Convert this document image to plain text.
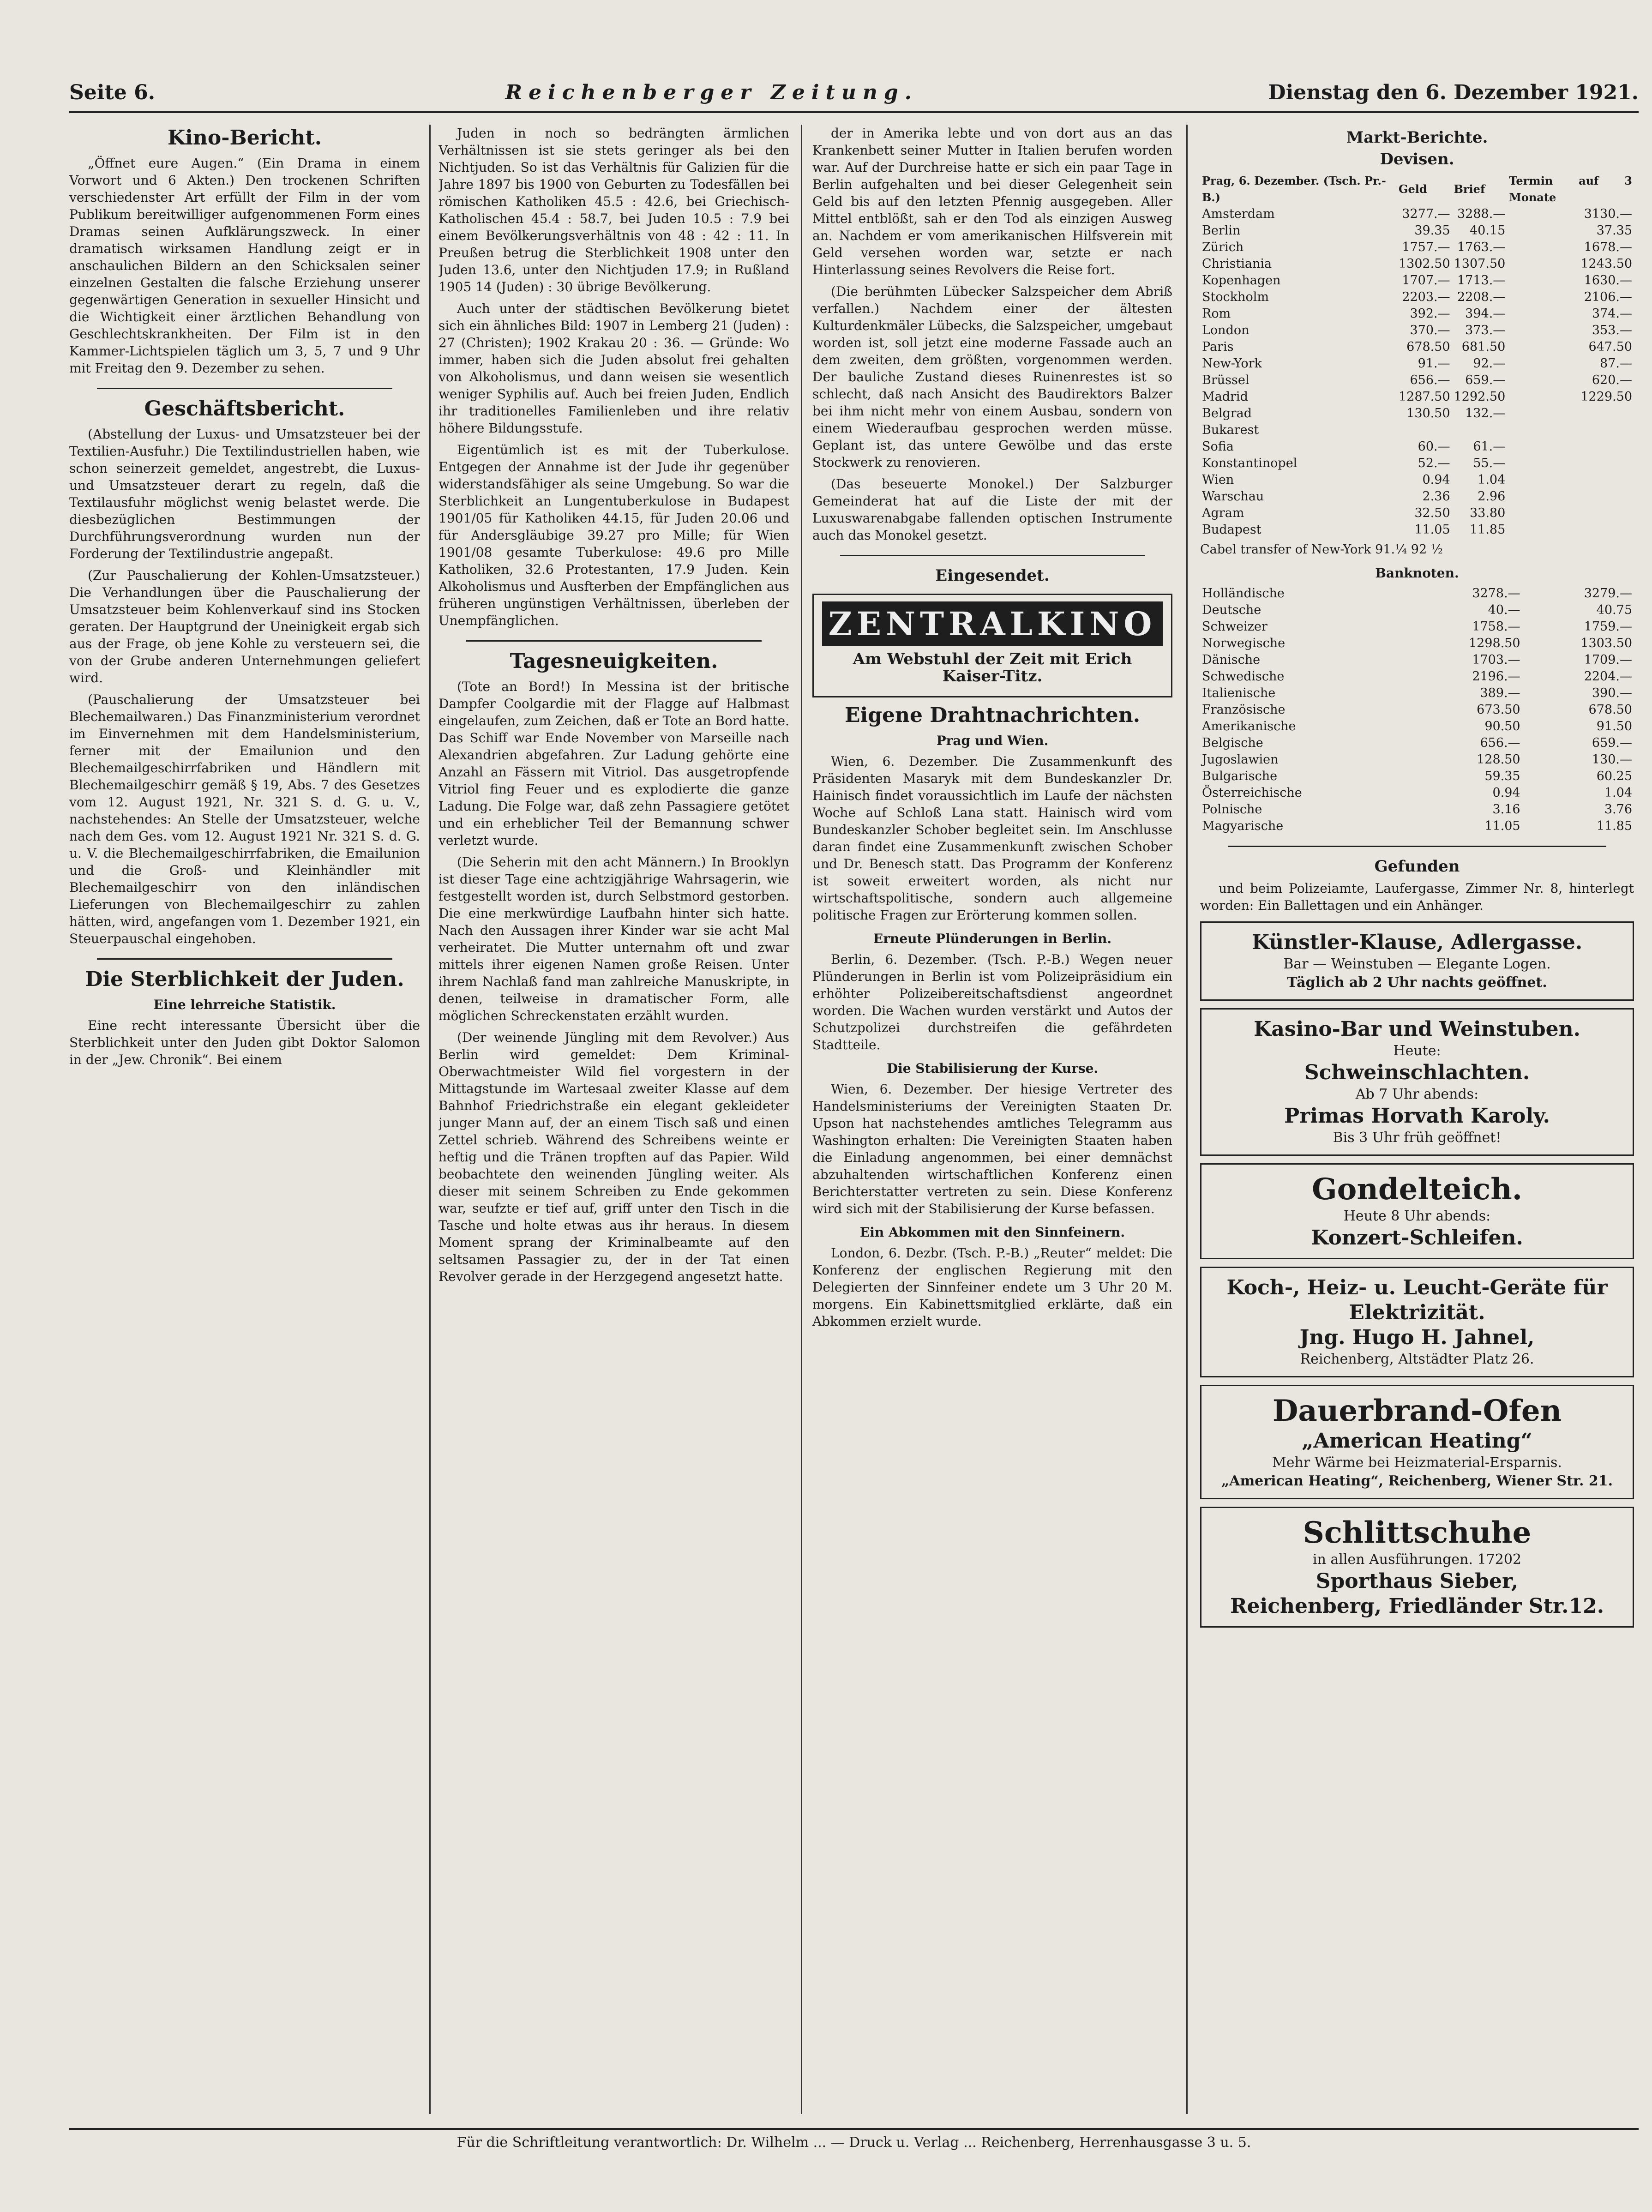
Seite 6.	Reichenberger Zeitung.	Dienstag den 6. Dezember 1921.
Kino-Bericht.

„Öffnet eure Augen.“ (Ein Drama in einem Vorwort und 6 Akten.) Den trockenen Schriften verschiedenster Art erfüllt der Film in der vom Publikum bereitwilliger aufgenommenen Form eines Dramas seinen Aufklärungszweck. In einer dramatisch wirksamen Handlung zeigt er in anschaulichen Bildern an den Schicksalen seiner einzelnen Gestalten die falsche Erziehung unserer gegenwärtigen Generation in sexueller Hinsicht und die Wichtigkeit einer ärztlichen Behandlung von Geschlechtskrankheiten. Der Film ist in den Kammer-Lichtspielen täglich um 3, 5, 7 und 9 Uhr mit Freitag den 9. Dezember zu sehen.

Geschäftsbericht.

(Abstellung der Luxus- und Umsatzsteuer bei der Textilien-Ausfuhr.) Die Textilindustriellen haben, wie schon seinerzeit gemeldet, angestrebt, die Luxus- und Umsatzsteuer derart zu regeln, daß die Textilausfuhr möglichst wenig belastet werde. Die diesbezüglichen Bestimmungen der Durchführungsverordnung wurden nun der Forderung der Textilindustrie angepaßt.

(Zur Pauschalierung der Kohlen-Umsatzsteuer.) Die Verhandlungen über die Pauschalierung der Umsatzsteuer beim Kohlenverkauf sind ins Stocken geraten. Der Hauptgrund der Uneinigkeit ergab sich aus der Frage, ob jene Kohle zu versteuern sei, die von der Grube anderen Unternehmungen geliefert wird.

(Pauschalierung der Umsatzsteuer bei Blechemailwaren.) Das Finanzministerium verordnet im Einvernehmen mit dem Handelsministerium, ferner mit der Emailunion und den Blechemailgeschirrfabriken und Händlern mit Blechemailgeschirr gemäß § 19, Abs. 7 des Gesetzes vom 12. August 1921, Nr. 321 S. d. G. u. V., nachstehendes: An Stelle der Umsatzsteuer, welche nach dem Ges. vom 12. August 1921 Nr. 321 S. d. G. u. V. die Blechemailgeschirrfabriken, die Emailunion und die Groß- und Kleinhändler mit Blechemailgeschirr von den inländischen Lieferungen von Blechemailgeschirr zu zahlen hätten, wird, angefangen vom 1. Dezember 1921, ein Steuerpauschal eingehoben.

Die Sterblichkeit der Juden.
Eine lehrreiche Statistik.

Eine recht interessante Übersicht über die Sterblichkeit unter den Juden gibt Doktor Salomon in der „Jew. Chronik“. Bei einem

Juden in noch so bedrängten ärmlichen Verhältnissen ist sie stets geringer als bei den Nichtjuden. So ist das Verhältnis für Galizien für die Jahre 1897 bis 1900 von Geburten zu Todesfällen bei römischen Katholiken 45.5 : 42.6, bei Griechisch-Katholischen 45.4 : 58.7, bei Juden 10.5 : 7.9 bei einem Bevölkerungsverhältnis von 48 : 42 : 11. In Preußen betrug die Sterblichkeit 1908 unter den Juden 13.6, unter den Nichtjuden 17.9; in Rußland 1905 14 (Juden) : 30 übrige Bevölkerung.

Auch unter der städtischen Bevölkerung bietet sich ein ähnliches Bild: 1907 in Lemberg 21 (Juden) : 27 (Christen); 1902 Krakau 20 : 36. — Gründe: Wo immer, haben sich die Juden absolut frei gehalten von Alkoholismus, und dann weisen sie wesentlich weniger Syphilis auf. Auch bei freien Juden, Endlich ihr traditionelles Familienleben und ihre relativ höhere Bildungsstufe.

Eigentümlich ist es mit der Tuberkulose. Entgegen der Annahme ist der Jude ihr gegenüber widerstandsfähiger als seine Umgebung. So war die Sterblichkeit an Lungentuberkulose in Budapest 1901/05 für Katholiken 44.15, für Juden 20.06 und für Andersgläubige 39.27 pro Mille; für Wien 1901/08 gesamte Tuberkulose: 49.6 pro Mille Katholiken, 32.6 Protestanten, 17.9 Juden. Kein Alkoholismus und Ausfterben der Empfänglichen aus früheren ungünstigen Verhältnissen, überleben der Unempfänglichen.

Tagesneuigkeiten.

(Tote an Bord!) In Messina ist der britische Dampfer Coolgardie mit der Flagge auf Halbmast eingelaufen, zum Zeichen, daß er Tote an Bord hatte. Das Schiff war Ende November von Marseille nach Alexandrien abgefahren. Zur Ladung gehörte eine Anzahl an Fässern mit Vitriol. Das ausgetropfende Vitriol fing Feuer und es explodierte die ganze Ladung. Die Folge war, daß zehn Passagiere getötet und ein erheblicher Teil der Bemannung schwer verletzt wurde.

(Die Seherin mit den acht Männern.) In Brooklyn ist dieser Tage eine achtzigjährige Wahrsagerin, wie festgestellt worden ist, durch Selbstmord gestorben. Die eine merkwürdige Laufbahn hinter sich hatte. Nach den Aussagen ihrer Kinder war sie acht Mal verheiratet. Die Mutter unternahm oft und zwar mittels ihrer eigenen Namen große Reisen. Unter ihrem Nachlaß fand man zahlreiche Manuskripte, in denen, teilweise in dramatischer Form, alle möglichen Schreckenstaten erzählt wurden.

(Der weinende Jüngling mit dem Revolver.) Aus Berlin wird gemeldet: Dem Kriminal-Oberwachtmeister Wild fiel vorgestern in der Mittagstunde im Wartesaal zweiter Klasse auf dem Bahnhof Friedrichstraße ein elegant gekleideter junger Mann auf, der an einem Tisch saß und einen Zettel schrieb. Während des Schreibens weinte er heftig und die Tränen tropften auf das Papier. Wild beobachtete den weinenden Jüngling weiter. Als dieser mit seinem Schreiben zu Ende gekommen war, seufzte er tief auf, griff unter den Tisch in die Tasche und holte etwas aus ihr heraus. In diesem Moment sprang der Kriminalbeamte auf den seltsamen Passagier zu, der in der Tat einen Revolver gerade in der Herzgegend angesetzt hatte.

der in Amerika lebte und von dort aus an das Krankenbett seiner Mutter in Italien berufen worden war. Auf der Durchreise hatte er sich ein paar Tage in Berlin aufgehalten und bei dieser Gelegenheit sein Geld bis auf den letzten Pfennig ausgegeben. Aller Mittel entblößt, sah er den Tod als einzigen Ausweg an. Nachdem er vom amerikanischen Hilfsverein mit Geld versehen worden war, setzte er nach Hinterlassung seines Revolvers die Reise fort.

(Die berühmten Lübecker Salzspeicher dem Abriß verfallen.) Nachdem einer der ältesten Kulturdenkmäler Lübecks, die Salzspeicher, umgebaut worden ist, soll jetzt eine moderne Fassade auch an dem zweiten, dem größten, vorgenommen werden. Der bauliche Zustand dieses Ruinenrestes ist so schlecht, daß nach Ansicht des Baudirektors Balzer bei ihm nicht mehr von einem Ausbau, sondern von einem Wiederaufbau gesprochen werden müsse. Geplant ist, das untere Gewölbe und das erste Stockwerk zu renovieren.

(Das beseuerte Monokel.) Der Salzburger Gemeinderat hat auf die Liste der mit der Luxuswarenabgabe fallenden optischen Instrumente auch das Monokel gesetzt.

Eingesendet.
ZENTRALKINO
Am Webstuhl der Zeit mit Erich Kaiser-Titz.
Eigene Drahtnachrichten.
Prag und Wien.

Wien, 6. Dezember. Die Zusammenkunft des Präsidenten Masaryk mit dem Bundeskanzler Dr. Hainisch findet voraussichtlich im Laufe der nächsten Woche auf Schloß Lana statt. Hainisch wird vom Bundeskanzler Schober begleitet sein. Im Anschlusse daran findet eine Zusammenkunft zwischen Schober und Dr. Benesch statt. Das Programm der Konferenz ist soweit erweitert worden, als nicht nur wirtschaftspolitische, sondern auch allgemeine politische Fragen zur Erörterung kommen sollen.

Erneute Plünderungen in Berlin.

Berlin, 6. Dezember. (Tsch. P.-B.) Wegen neuer Plünderungen in Berlin ist vom Polizeipräsidium ein erhöhter Polizeibereitschaftsdienst angeordnet worden. Die Wachen wurden verstärkt und Autos der Schutzpolizei durchstreifen die gefährdeten Stadtteile.

Die Stabilisierung der Kurse.

Wien, 6. Dezember. Der hiesige Vertreter des Handelsministeriums der Vereinigten Staaten Dr. Upson hat nachstehendes amtliches Telegramm aus Washington erhalten: Die Vereinigten Staaten haben die Einladung angenommen, bei einer demnächst abzuhaltenden wirtschaftlichen Konferenz einen Berichterstatter vertreten zu sein. Diese Konferenz wird sich mit der Stabilisierung der Kurse befassen.

Ein Abkommen mit den Sinnfeinern.

London, 6. Dezbr. (Tsch. P.-B.) „Reuter“ meldet: Die Konferenz der englischen Regierung mit den Delegierten der Sinnfeiner endete um 3 Uhr 20 M. morgens. Ein Kabinettsmitglied erklärte, daß ein Abkommen erzielt wurde.

Markt-Berichte.
Devisen.
Prag, 6. Dezember. (Tsch. Pr.-B.)	Geld	Brief	Termin auf 3 Monate
Amsterdam	3277.—	3288.—	3130.—
Berlin	39.35	40.15	37.35
Zürich	1757.—	1763.—	1678.—
Christiania	1302.50	1307.50	1243.50
Kopenhagen	1707.—	1713.—	1630.—
Stockholm	2203.—	2208.—	2106.—
Rom	392.—	394.—	374.—
London	370.—	373.—	353.—
Paris	678.50	681.50	647.50
New-York	91.—	92.—	87.—
Brüssel	656.—	659.—	620.—
Madrid	1287.50	1292.50	1229.50
Belgrad	130.50	132.—	
Bukarest			
Sofia	60.—	61.—	
Konstantinopel	52.—	55.—	
Wien	0.94	1.04	
Warschau	2.36	2.96	
Agram	32.50	33.80	
Budapest	11.05	11.85	
Cabel transfer of New-York 91.¼ 92 ½
Banknoten.
Holländische	3278.—	3279.—
Deutsche	40.—	40.75
Schweizer	1758.—	1759.—
Norwegische	1298.50	1303.50
Dänische	1703.—	1709.—
Schwedische	2196.—	2204.—
Italienische	389.—	390.—
Französische	673.50	678.50
Amerikanische	90.50	91.50
Belgische	656.—	659.—
Jugoslawien	128.50	130.—
Bulgarische	59.35	60.25
Österreichische	0.94	1.04
Polnische	3.16	3.76
Magyarische	11.05	11.85
Gefunden

und beim Polizeiamte, Laufergasse, Zimmer Nr. 8, hinterlegt worden: Ein Ballettagen und ein Anhänger.

Künstler-Klause, Adlergasse.
Bar — Weinstuben — Elegante Logen.
Täglich ab 2 Uhr nachts geöffnet.
Kasino-Bar und Weinstuben.
Heute:
Schweinschlachten.
Ab 7 Uhr abends:
Primas Horvath Karoly.
Bis 3 Uhr früh geöffnet!
Gondelteich.
Heute 8 Uhr abends:
Konzert-Schleifen.
Koch-, Heiz- u. Leucht-Geräte für Elektrizität.
Jng. Hugo H. Jahnel,
Reichenberg, Altstädter Platz 26.
Dauerbrand-Ofen
„American Heating“
Mehr Wärme bei Heizmaterial-Ersparnis.
„American Heating“, Reichenberg, Wiener Str. 21.
Schlittschuhe
in allen Ausführungen. 17202
Sporthaus Sieber,
Reichenberg, Friedländer Str.12.
Für die Schriftleitung verantwortlich: Dr. Wilhelm ... — Druck u. Verlag ... Reichenberg, Herrenhausgasse 3 u. 5.
